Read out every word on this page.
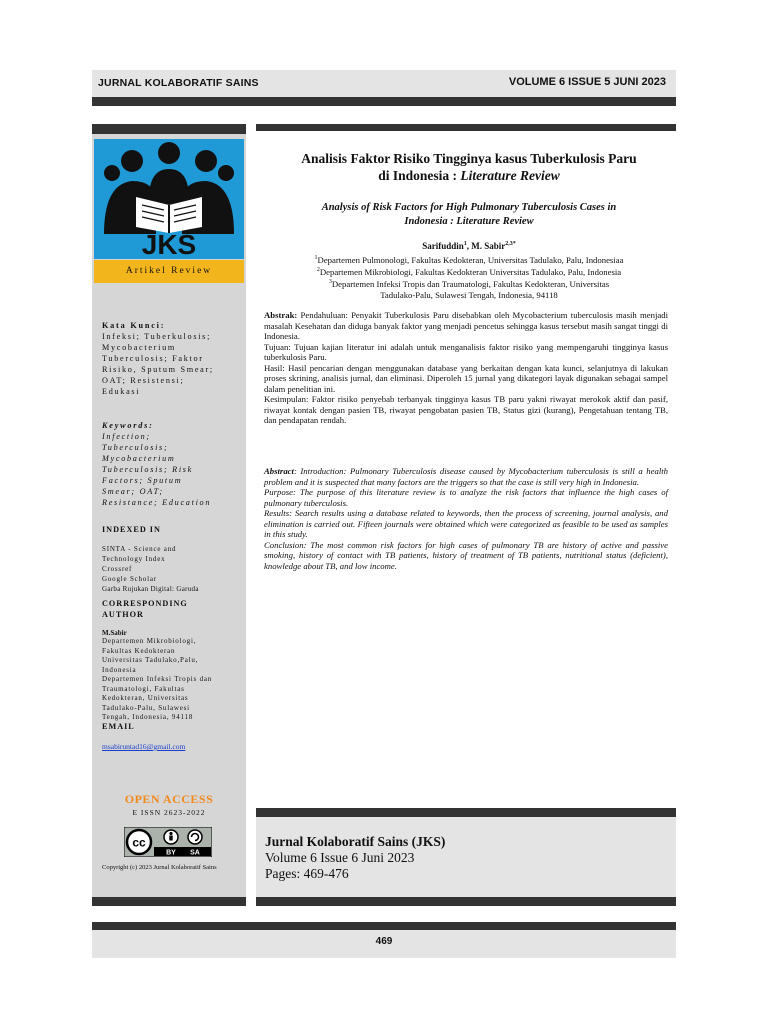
JURNAL KOLABORATIF SAINS	VOLUME 6 ISSUE 5 JUNI 2023
JKS
Artikel Review
Kata Kunci:
Infeksi; Tuberkulosis;
Mycobacterium
Tuberculosis; Faktor
Risiko, Sputum Smear;
OAT; Resistensi;
Edukasi
Keywords:
Infection;
Tuberculosis;
Mycobacterium
Tuberculosis; Risk
Factors; Sputum
Smear; OAT;
Resistance; Education
INDEXED IN
SINTA - Science and
Technology Index
Crossref
Google Scholar
Garba Rujukan Digital: Garuda
CORRESPONDING
AUTHOR
M.Sabir
Departemen Mikrobiologi,
Fakultas Kedokteran
Universitas Tadulako,Palu,
Indonesia
Departemen Infeksi Tropis dan
Traumatologi, Fakultas
Kedokteran, Universitas
Tadulako-Palu, Sulawesi
Tengah, Indonesia, 94118
EMAIL
msabiruntad16@gmail.com
OPEN ACCESS
E ISSN 2623-2022
cc
BY SA
Copyright (c) 2023 Jurnal Kolaboratif Sains
Analisis Faktor Risiko Tingginya kasus Tuberkulosis Paru
di Indonesia : Literature Review
Analysis of Risk Factors for High Pulmonary Tuberculosis Cases in
Indonesia : Literature Review
Sarifuddin$^1$, M. Sabir$^{2,3*}$
$^1$Departemen Pulmonologi, Fakultas Kedokteran, Universitas Tadulako, Palu, Indonesiaa
$^2$Departemen Mikrobiologi, Fakultas Kedokteran Universitas Tadulako, Palu, Indonesia
$^3$Departemen Infeksi Tropis dan Traumatologi, Fakultas Kedokteran, Universitas
Tadulako-Palu, Sulawesi Tengah, Indonesia, 94118
Abstrak: Pendahuluan: Penyakit Tuberkulosis Paru disebabkan oleh Mycobacterium tuberculosis masih menjadi masalah Kesehatan dan diduga banyak faktor yang menjadi pencetus sehingga kasus tersebut masih sangat tinggi di Indonesia.
Tujuan: Tujuan kajian literatur ini adalah untuk menganalisis faktor risiko yang mempengaruhi tingginya kasus tuberkulosis Paru.
Hasil: Hasil pencarian dengan menggunakan database yang berkaitan dengan kata kunci, selanjutnya di lakukan proses skrining, analisis jurnal, dan eliminasi. Diperoleh 15 jurnal yang dikategori layak digunakan sebagai sampel dalam penelitian ini.
Kesimpulan: Faktor risiko penyebab terbanyak tingginya kasus TB paru yakni riwayat merokok aktif dan pasif, riwayat kontak dengan pasien TB, riwayat pengobatan pasien TB, Status gizi (kurang), Pengetahuan tentang TB, dan pendapatan rendah.
Abstract: Introduction: Pulmonary Tuberculosis disease caused by Mycobacterium tuberculosis is still a health problem and it is suspected that many factors are the triggers so that the case is still very high in Indonesia.
Purpose: The purpose of this literature review is to analyze the risk factors that influence the high cases of pulmonary tuberculosis.
Results: Search results using a database related to keywords, then the process of screening, journal analysis, and elimination is carried out. Fifteen journals were obtained which were categorized as feasible to be used as samples in this study.
Conclusion: The most common risk factors for high cases of pulmonary TB are history of active and passive smoking, history of contact with TB patients, history of treatment of TB patients, nutritional status (deficient), knowledge about TB, and low income.
Jurnal Kolaboratif Sains (JKS)
Volume 6 Issue 6 Juni 2023
Pages: 469-476
469
